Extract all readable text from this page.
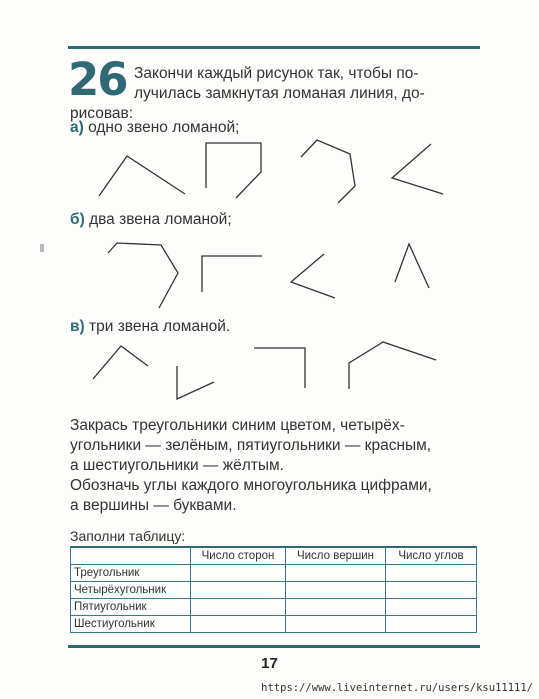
26 Закончи каждый рисунок так, чтобы по-
лучилась замкнутая ломаная линия, до-
рисовав:
а) одно звено ломаной;
б) два звена ломаной;
в) три звена ломаной.
Закрась треугольники синим цветом, четырёх-
угольники — зелёным, пятиугольники — красным,
а шестиугольники — жёлтым.
Обозначь углы каждого многоугольника цифрами,
а вершины — буквами.
Заполни таблицу:
	Число сторон	Число вершин	Число углов
Треугольник			
Четырёхугольник			
Пятиугольник			
Шестиугольник			
17
https://www.liveinternet.ru/users/ksu11111/
